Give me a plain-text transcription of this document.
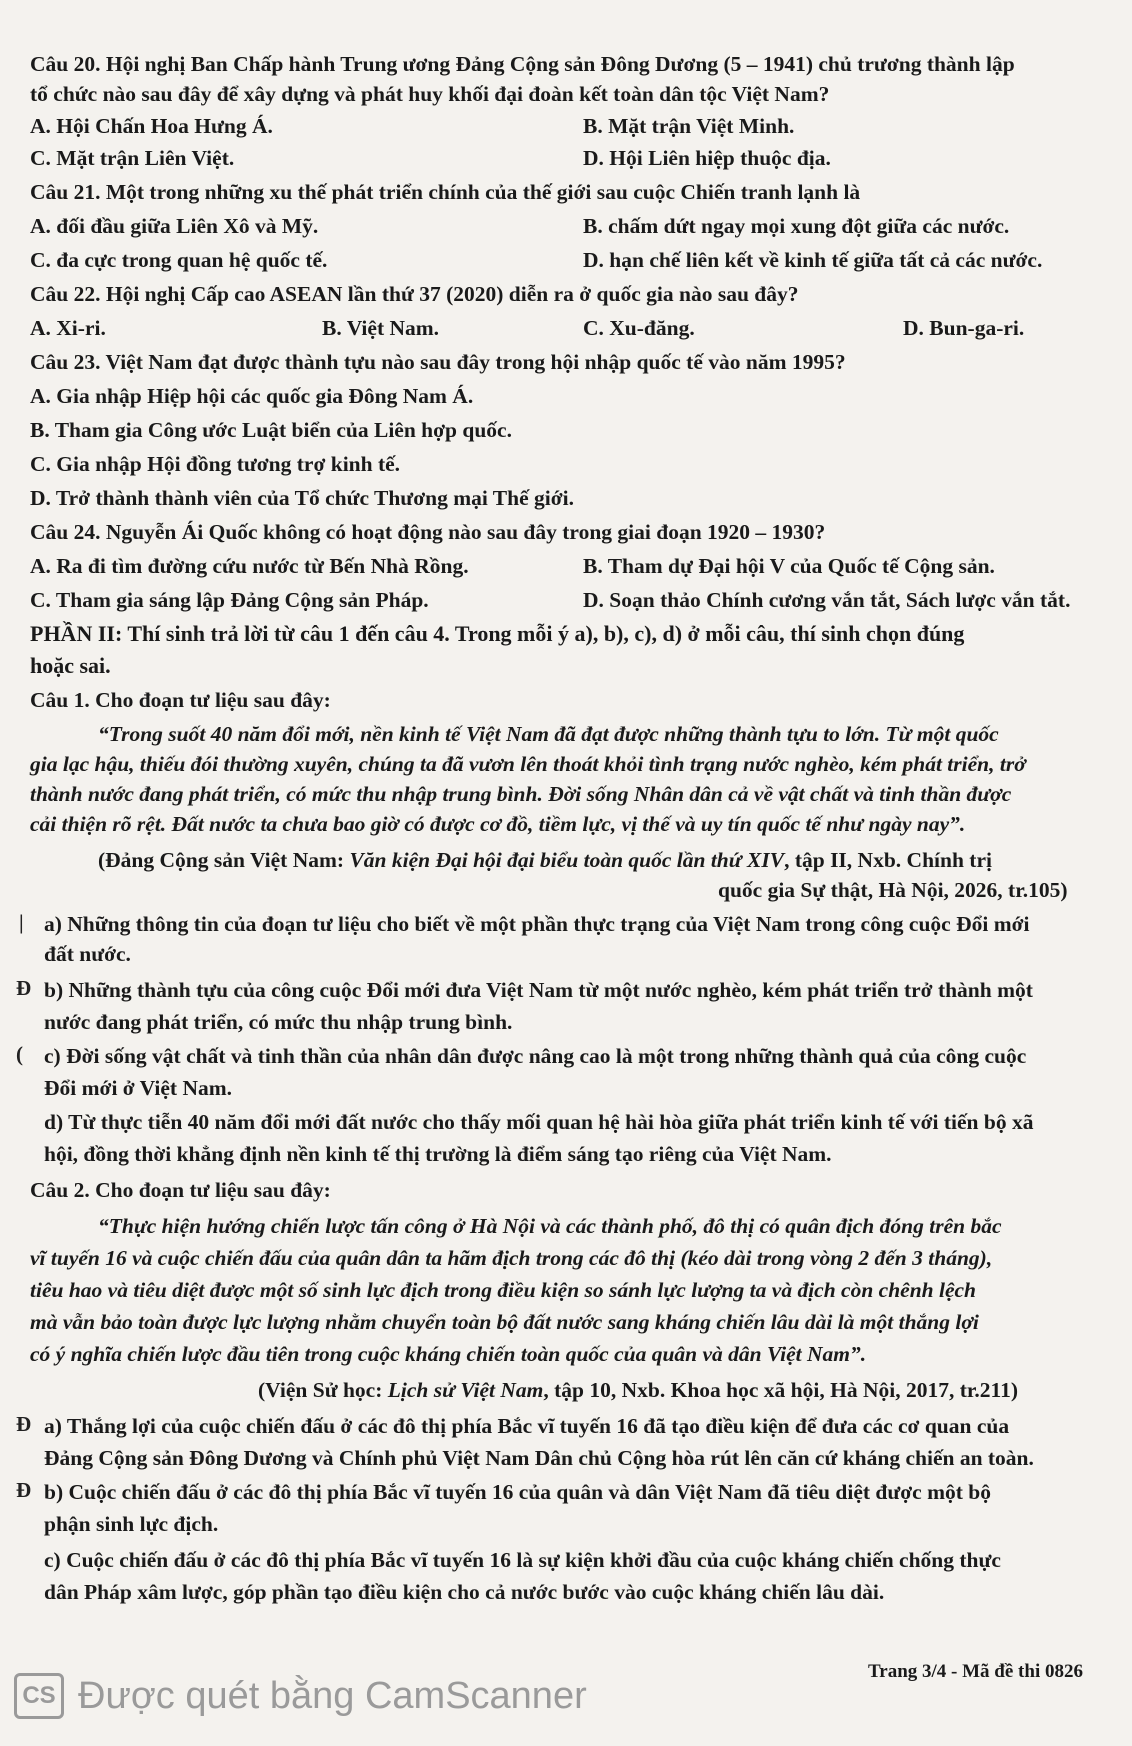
Câu 20. Hội nghị Ban Chấp hành Trung ương Đảng Cộng sản Đông Dương (5 – 1941) chủ trương thành lập
tổ chức nào sau đây để xây dựng và phát huy khối đại đoàn kết toàn dân tộc Việt Nam?
A. Hội Chấn Hoa Hưng Á.	B. Mặt trận Việt Minh.
C. Mặt trận Liên Việt.	D. Hội Liên hiệp thuộc địa.
Câu 21. Một trong những xu thế phát triển chính của thế giới sau cuộc Chiến tranh lạnh là
A. đối đầu giữa Liên Xô và Mỹ.	B. chấm dứt ngay mọi xung đột giữa các nước.
C. đa cực trong quan hệ quốc tế.	D. hạn chế liên kết về kinh tế giữa tất cả các nước.
Câu 22. Hội nghị Cấp cao ASEAN lần thứ 37 (2020) diễn ra ở quốc gia nào sau đây?
A. Xi-ri.	B. Việt Nam.	C. Xu-đăng.	D. Bun-ga-ri.
Câu 23. Việt Nam đạt được thành tựu nào sau đây trong hội nhập quốc tế vào năm 1995?
A. Gia nhập Hiệp hội các quốc gia Đông Nam Á.
B. Tham gia Công ước Luật biển của Liên hợp quốc.
C. Gia nhập Hội đồng tương trợ kinh tế.
D. Trở thành thành viên của Tổ chức Thương mại Thế giới.
Câu 24. Nguyễn Ái Quốc không có hoạt động nào sau đây trong giai đoạn 1920 – 1930?
A. Ra đi tìm đường cứu nước từ Bến Nhà Rồng.	B. Tham dự Đại hội V của Quốc tế Cộng sản.
C. Tham gia sáng lập Đảng Cộng sản Pháp.	D. Soạn thảo Chính cương vắn tắt, Sách lược vắn tắt.
PHẦN II: Thí sinh trả lời từ câu 1 đến câu 4. Trong mỗi ý a), b), c), d) ở mỗi câu, thí sinh chọn đúng
hoặc sai.
Câu 1. Cho đoạn tư liệu sau đây:
“Trong suốt 40 năm đổi mới, nền kinh tế Việt Nam đã đạt được những thành tựu to lớn. Từ một quốc
gia lạc hậu, thiếu đói thường xuyên, chúng ta đã vươn lên thoát khỏi tình trạng nước nghèo, kém phát triển, trở
thành nước đang phát triển, có mức thu nhập trung bình. Đời sống Nhân dân cả về vật chất và tinh thần được
cải thiện rõ rệt. Đất nước ta chưa bao giờ có được cơ đồ, tiềm lực, vị thế và uy tín quốc tế như ngày nay”.
(Đảng Cộng sản Việt Nam: Văn kiện Đại hội đại biểu toàn quốc lần thứ XIV, tập II, Nxb. Chính trị
quốc gia Sự thật, Hà Nội, 2026, tr.105)
| a) Những thông tin của đoạn tư liệu cho biết về một phần thực trạng của Việt Nam trong công cuộc Đổi mới
đất nước.
Đ b) Những thành tựu của công cuộc Đổi mới đưa Việt Nam từ một nước nghèo, kém phát triển trở thành một
nước đang phát triển, có mức thu nhập trung bình.
( c) Đời sống vật chất và tinh thần của nhân dân được nâng cao là một trong những thành quả của công cuộc
Đổi mới ở Việt Nam.
d) Từ thực tiễn 40 năm đổi mới đất nước cho thấy mối quan hệ hài hòa giữa phát triển kinh tế với tiến bộ xã
hội, đồng thời khẳng định nền kinh tế thị trường là điểm sáng tạo riêng của Việt Nam.
Câu 2. Cho đoạn tư liệu sau đây:
“Thực hiện hướng chiến lược tấn công ở Hà Nội và các thành phố, đô thị có quân địch đóng trên bắc
vĩ tuyến 16 và cuộc chiến đấu của quân dân ta hãm địch trong các đô thị (kéo dài trong vòng 2 đến 3 tháng),
tiêu hao và tiêu diệt được một số sinh lực địch trong điều kiện so sánh lực lượng ta và địch còn chênh lệch
mà vẫn bảo toàn được lực lượng nhằm chuyển toàn bộ đất nước sang kháng chiến lâu dài là một thắng lợi
có ý nghĩa chiến lược đầu tiên trong cuộc kháng chiến toàn quốc của quân và dân Việt Nam”.
(Viện Sử học: Lịch sử Việt Nam, tập 10, Nxb. Khoa học xã hội, Hà Nội, 2017, tr.211)
Đ a) Thắng lợi của cuộc chiến đấu ở các đô thị phía Bắc vĩ tuyến 16 đã tạo điều kiện để đưa các cơ quan của
Đảng Cộng sản Đông Dương và Chính phủ Việt Nam Dân chủ Cộng hòa rút lên căn cứ kháng chiến an toàn.
Đ b) Cuộc chiến đấu ở các đô thị phía Bắc vĩ tuyến 16 của quân và dân Việt Nam đã tiêu diệt được một bộ
phận sinh lực địch.
c) Cuộc chiến đấu ở các đô thị phía Bắc vĩ tuyến 16 là sự kiện khởi đầu của cuộc kháng chiến chống thực
dân Pháp xâm lược, góp phần tạo điều kiện cho cả nước bước vào cuộc kháng chiến lâu dài.
CS Được quét bằng CamScanner
Trang 3/4 - Mã đề thi 0826
